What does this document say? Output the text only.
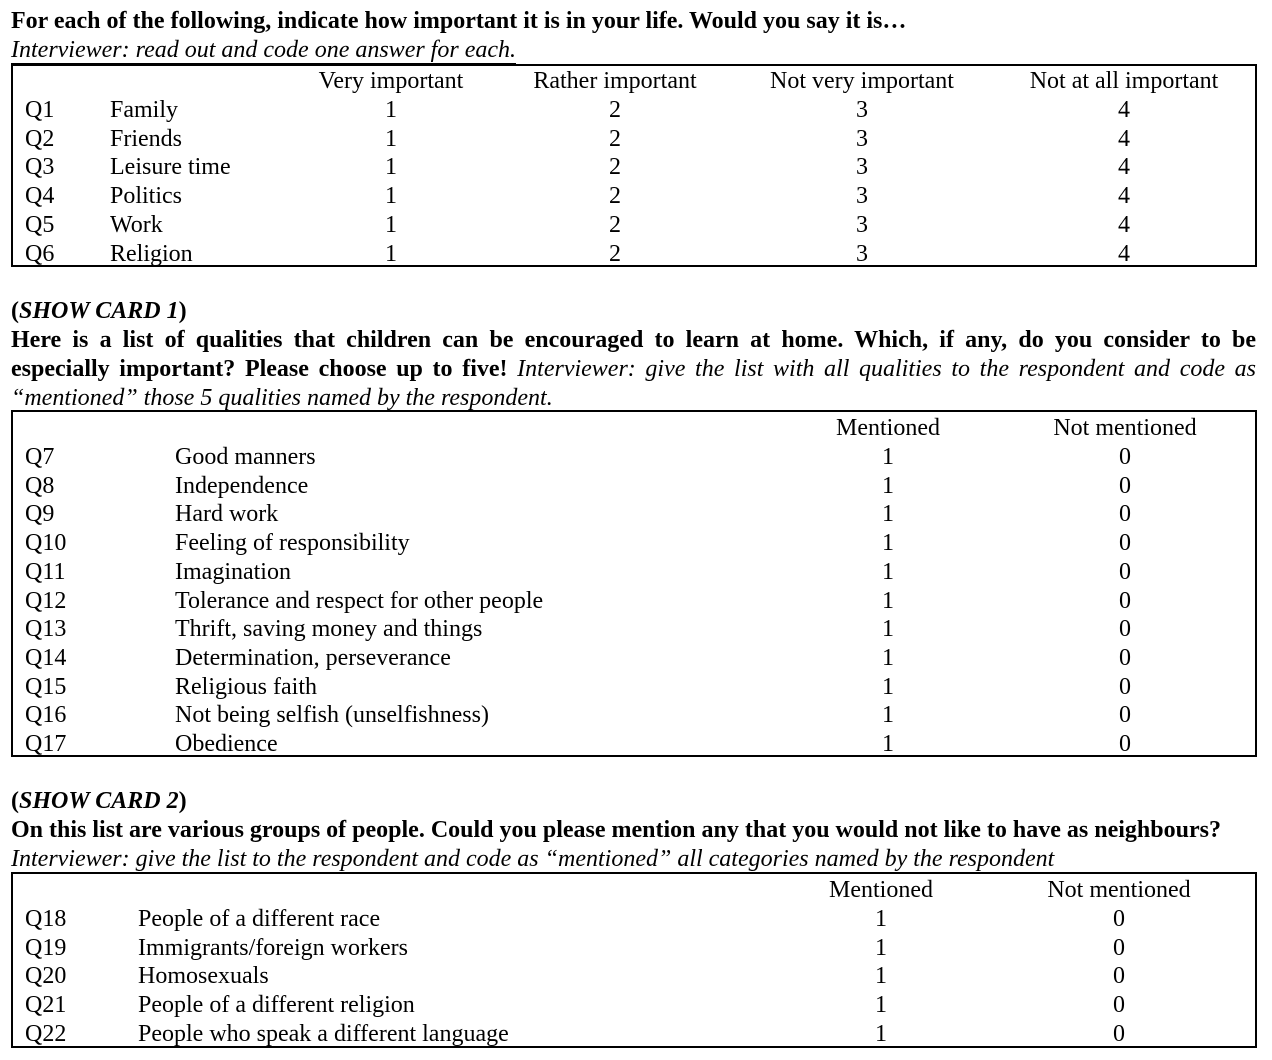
For each of the following, indicate how important it is in your life. Would you say it is…
Interviewer: read out and code one answer for each.
Very important	Rather important	Not very important	Not at all important
Q1 Family	1	2	3	4
Q2 Friends	1	2	3	4
Q3 Leisure time	1	2	3	4
Q4 Politics	1	2	3	4
Q5 Work	1	2	3	4
Q6 Religion	1	2	3	4
(SHOW CARD 1)
Here is a list of qualities that children can be encouraged to learn at home. Which, if any, do you consider to be
especially important? Please choose up to five! Interviewer: give the list with all qualities to the respondent and code as
“mentioned” those 5 qualities named by the respondent.
Mentioned	Not mentioned
Q7	Good manners	1	0
Q8	Independence	1	0
Q9	Hard work	1	0
Q10	Feeling of responsibility	1	0
Q11	Imagination	1	0
Q12	Tolerance and respect for other people	1	0
Q13	Thrift, saving money and things	1	0
Q14	Determination, perseverance	1	0
Q15	Religious faith	1	0
Q16	Not being selfish (unselfishness)	1	0
Q17	Obedience	1	0
(SHOW CARD 2)
On this list are various groups of people. Could you please mention any that you would not like to have as neighbours?
Interviewer: give the list to the respondent and code as “mentioned” all categories named by the respondent
Mentioned	Not mentioned
Q18	People of a different race	1	0
Q19	Immigrants/foreign workers	1	0
Q20	Homosexuals	1	0
Q21	People of a different religion	1	0
Q22	People who speak a different language	1	0
